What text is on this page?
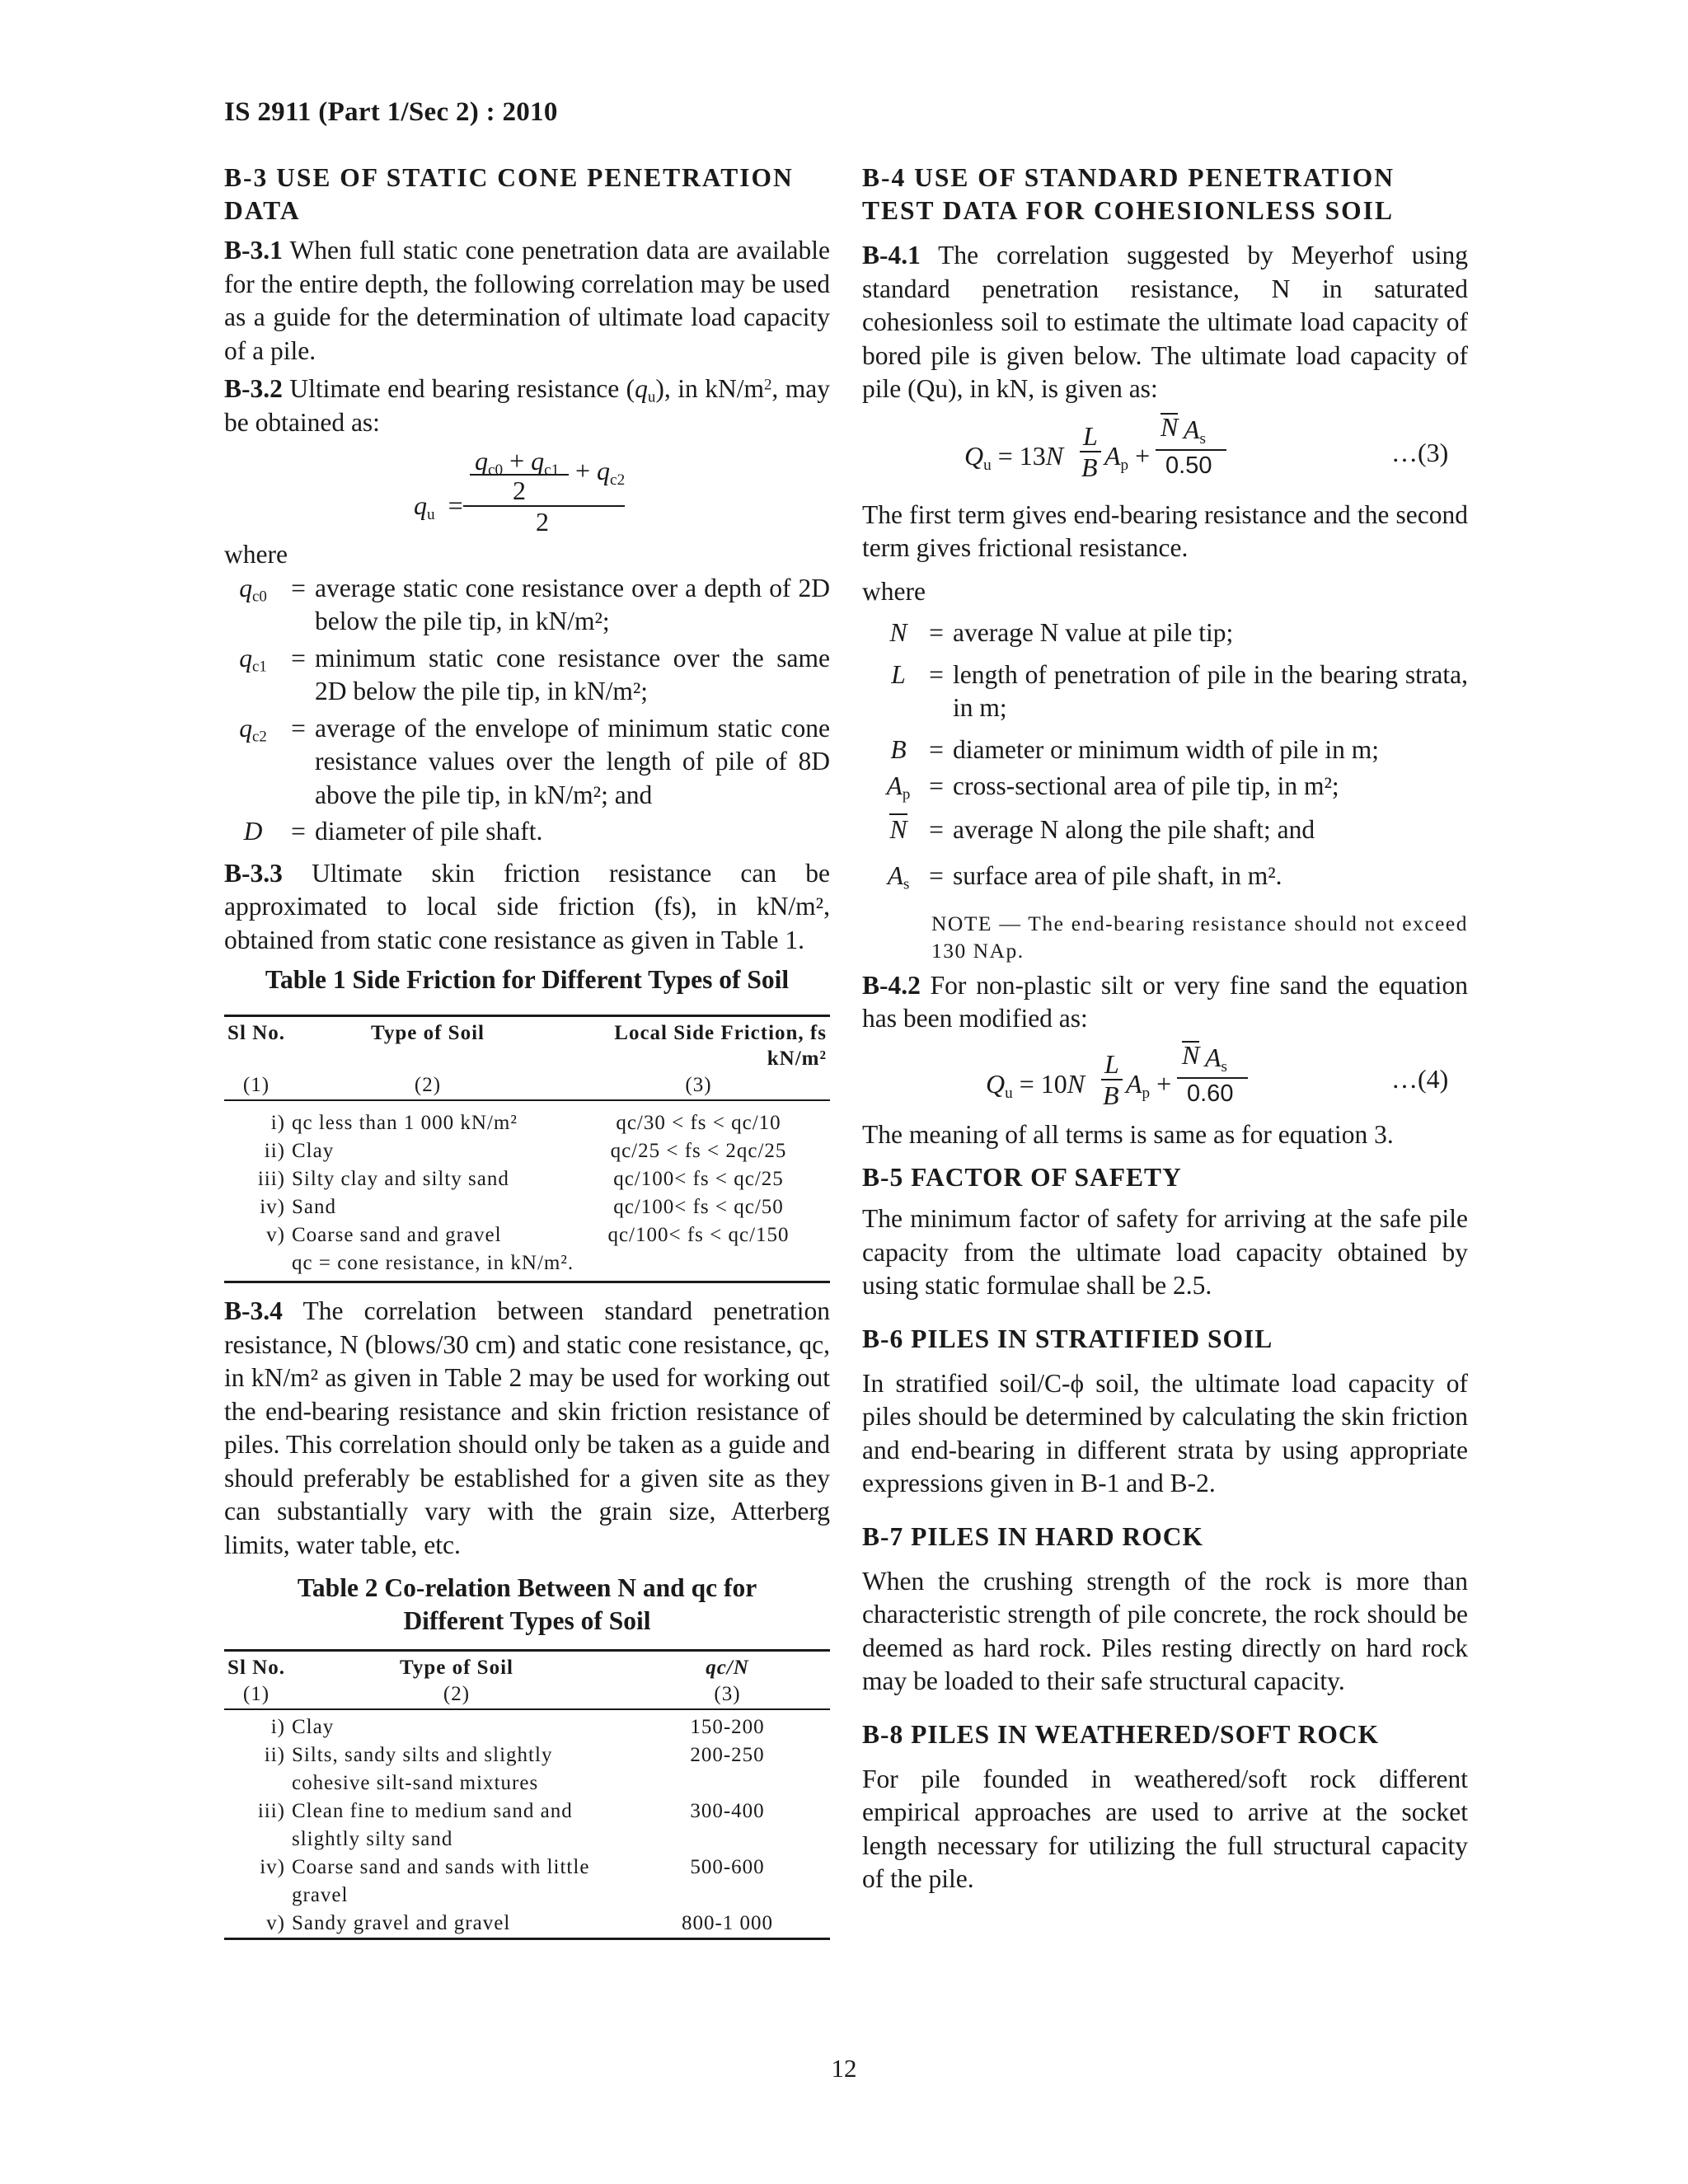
IS 2911 (Part 1/Sec 2) : 2010

B-3 USE OF STATIC CONE PENETRATION DATA

B-3.1 When full static cone penetration data are available for the entire depth, the following correlation may be used as a guide for the determination of ultimate load capacity of a pile.

B-3.2 Ultimate end bearing resistance $(q_u)$, in $kN/m^2$, may be obtained as:

$q_{c0} + q_{c1}$
2
+ $q_{c2}$
$q_u$  =
2

where

$q_{c0}$ = average static cone resistance over a depth of 2D below the pile tip, in kN/m²;
$q_{c1}$ = minimum static cone resistance over the same 2D below the pile tip, in kN/m²;
$q_{c2}$ = average of the envelope of minimum static cone resistance values over the length of pile of 8D above the pile tip, in kN/m²; and
D	= diameter of pile shaft.

B-3.3 Ultimate skin friction resistance can be approximated to local side friction (fs), in kN/m², obtained from static cone resistance as given in Table 1.

Table 1 Side Friction for Different Types of Soil

Sl No.	Type of Soil	Local Side Friction, fs kN/m²
(1)	(2)	(3)

i)	qc less than 1 000 kN/m²	qc/30 < fs < qc/10
ii)	Clay	qc/25 < fs < 2qc/25
iii)	Silty clay and silty sand	qc/100< fs < qc/25
iv)	Sand	qc/100< fs < qc/50
v)	Coarse sand and gravel	qc/100< fs < qc/150
	qc = cone resistance, in kN/m².	

B-3.4 The correlation between standard penetration resistance, N (blows/30 cm) and static cone resistance, qc, in kN/m² as given in Table 2 may be used for working out the end-bearing resistance and skin friction resistance of piles. This correlation should only be taken as a guide and should preferably be established for a given site as they can substantially vary with the grain size, Atterberg limits, water table, etc.

Table 2 Co-relation Between N and qc for
Different Types of Soil

Sl No.	Type of Soil	qc/N
(1)	(2)	(3)

i)	Clay	150-200
ii)	Silts, sandy silts and slightly cohesive silt-sand mixtures	200-250
iii)	Clean fine to medium sand and slightly silty sand	300-400
iv)	Coarse sand and sands with little gravel	500-600
v)	Sandy gravel and gravel	800-1 000

B-4 USE OF STANDARD PENETRATION TEST DATA FOR COHESIONLESS SOIL

B-4.1 The correlation suggested by Meyerhof using standard penetration resistance, N in saturated cohesionless soil to estimate the ultimate load capacity of bored pile is given below. The ultimate load capacity of pile (Qu), in kN, is given as:

$Q_u = 13N$
L
B $A_p$ +
N $A_s$
0.50	…(3)

The first term gives end-bearing resistance and the second term gives frictional resistance.

where

N = average N value at pile tip;
L = length of penetration of pile in the bearing strata, in m;
B = diameter or minimum width of pile in m;
$A_p$ = cross-sectional area of pile tip, in m²;
N = average N along the pile shaft; and
$A_s$ = surface area of pile shaft, in m².

NOTE — The end-bearing resistance should not exceed 130 NAp.

B-4.2 For non-plastic silt or very fine sand the equation has been modified as:

$Q_u = 10N$
L
B $A_p$ +
N $A_s$
0.60	…(4)

The meaning of all terms is same as for equation 3.

B-5 FACTOR OF SAFETY

The minimum factor of safety for arriving at the safe pile capacity from the ultimate load capacity obtained by using static formulae shall be 2.5.

B-6 PILES IN STRATIFIED SOIL

In stratified soil/C-ϕ soil, the ultimate load capacity of piles should be determined by calculating the skin friction and end-bearing in different strata by using appropriate expressions given in B-1 and B-2.

B-7 PILES IN HARD ROCK

When the crushing strength of the rock is more than characteristic strength of pile concrete, the rock should be deemed as hard rock. Piles resting directly on hard rock may be loaded to their safe structural capacity.

B-8 PILES IN WEATHERED/SOFT ROCK

For pile founded in weathered/soft rock different empirical approaches are used to arrive at the socket length necessary for utilizing the full structural capacity of the pile.

12
